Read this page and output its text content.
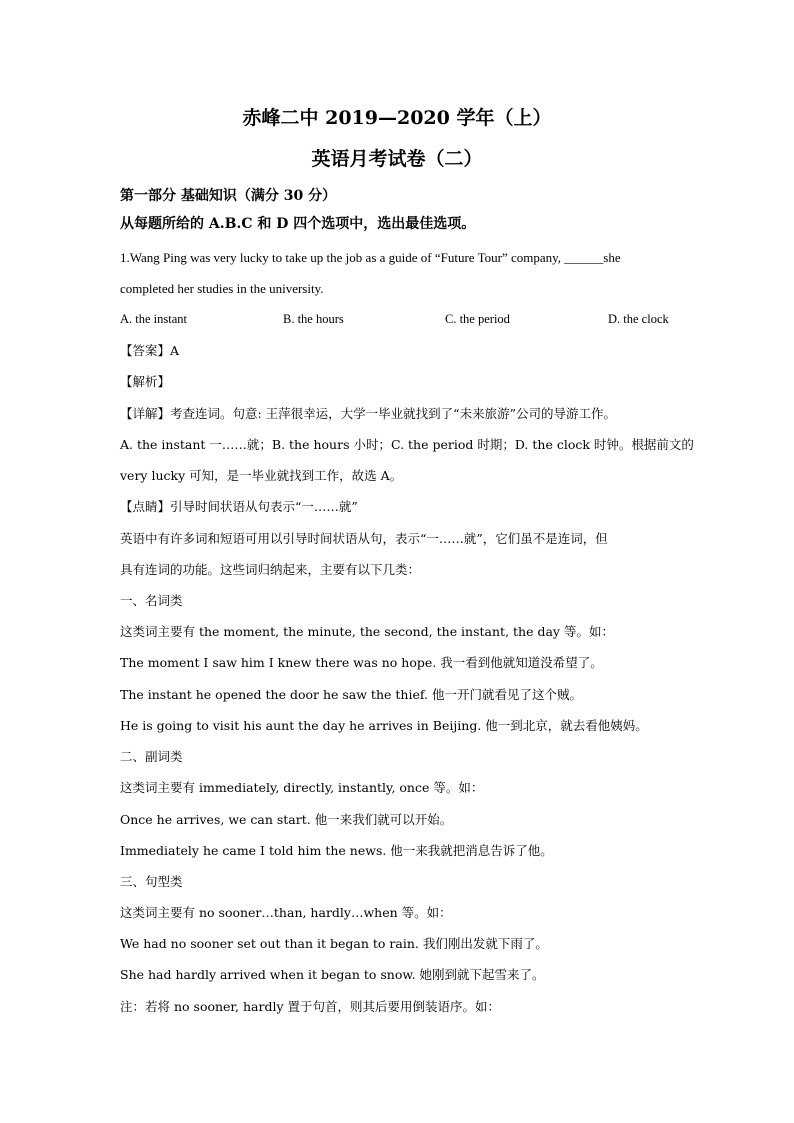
赤峰二中 2019—2020 学年（上）
英语月考试卷（二）
第一部分 基础知识（满分 30 分）
从每题所给的 A.B.C 和 D 四个选项中，选出最佳选项。
1.Wang Ping was very lucky to take up the job as a guide of “Future Tour” company, ______she
completed her studies in the university.
A. the instant	B. the hours	C. the period	D. the clock
【答案】A
【解析】
【详解】考查连词。句意: 王萍很幸运，大学一毕业就找到了“未来旅游”公司的导游工作。
A. the instant 一……就；B. the hours 小时；C. the period 时期；D. the clock 时钟。根据前文的
very lucky 可知，是一毕业就找到工作，故选 A。
【点睛】引导时间状语从句表示“一……就”
英语中有许多词和短语可用以引导时间状语从句，表示“一……就”，它们虽不是连词，但
具有连词的功能。这些词归纳起来，主要有以下几类：
一、名词类
这类词主要有 the moment, the minute, the second, the instant, the day 等。如：
The moment I saw him I knew there was no hope. 我一看到他就知道没希望了。
The instant he opened the door he saw the thief. 他一开门就看见了这个贼。
He is going to visit his aunt the day he arrives in Beijing. 他一到北京，就去看他姨妈。
二、副词类
这类词主要有 immediately, directly, instantly, once 等。如：
Once he arrives, we can start. 他一来我们就可以开始。
Immediately he came I told him the news. 他一来我就把消息告诉了他。
三、句型类
这类词主要有 no sooner…than, hardly…when 等。如：
We had no sooner set out than it began to rain. 我们刚出发就下雨了。
She had hardly arrived when it began to snow. 她刚到就下起雪来了。
注：若将 no sooner, hardly 置于句首，则其后要用倒装语序。如：
